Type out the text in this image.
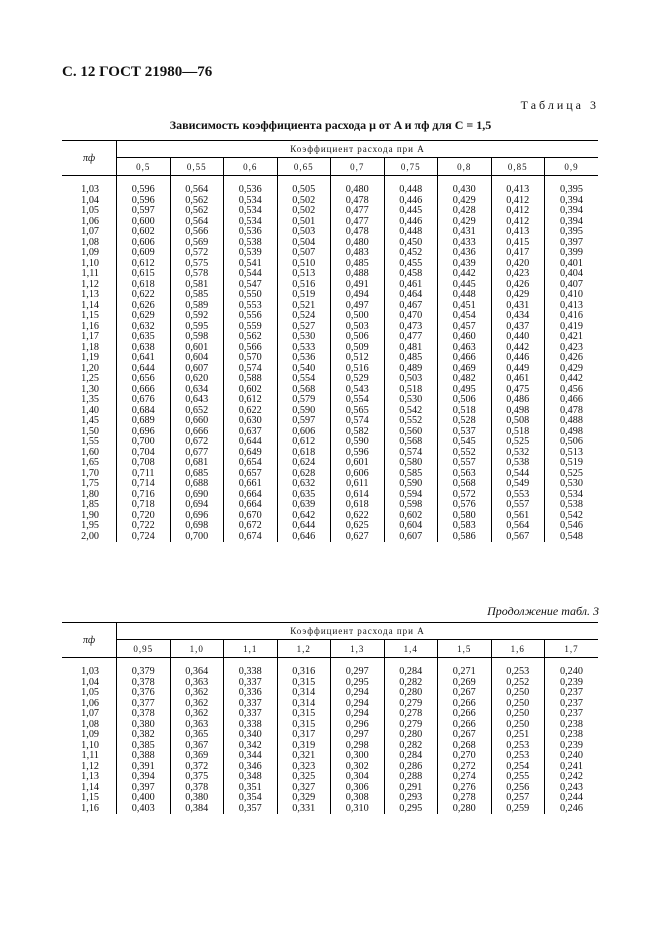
С. 12 ГОСТ 21980—76
Таблица 3
Зависимость коэффициента расхода μ от A и πф для C = 1,5
πф	Коэффициент расхода при A								
	0,5	0,55	0,6	0,65	0,7	0,75	0,8	0,85	0,9
1,03	0,596	0,564	0,536	0,505	0,480	0,448	0,430	0,413	0,395
1,04	0,596	0,562	0,534	0,502	0,478	0,446	0,429	0,412	0,394
1,05	0,597	0,562	0,534	0,502	0,477	0,445	0,428	0,412	0,394
1,06	0,600	0,564	0,534	0,501	0,477	0,446	0,429	0,412	0,394
1,07	0,602	0,566	0,536	0,503	0,478	0,448	0,431	0,413	0,395
1,08	0,606	0,569	0,538	0,504	0,480	0,450	0,433	0,415	0,397
1,09	0,609	0,572	0,539	0,507	0,483	0,452	0,436	0,417	0,399
1,10	0,612	0,575	0,541	0,510	0,485	0,455	0,439	0,420	0,401
1,11	0,615	0,578	0,544	0,513	0,488	0,458	0,442	0,423	0,404
1,12	0,618	0,581	0,547	0,516	0,491	0,461	0,445	0,426	0,407
1,13	0,622	0,585	0,550	0,519	0,494	0,464	0,448	0,429	0,410
1,14	0,626	0,589	0,553	0,521	0,497	0,467	0,451	0,431	0,413
1,15	0,629	0,592	0,556	0,524	0,500	0,470	0,454	0,434	0,416
1,16	0,632	0,595	0,559	0,527	0,503	0,473	0,457	0,437	0,419
1,17	0,635	0,598	0,562	0,530	0,506	0,477	0,460	0,440	0,421
1,18	0,638	0,601	0,566	0,533	0,509	0,481	0,463	0,442	0,423
1,19	0,641	0,604	0,570	0,536	0,512	0,485	0,466	0,446	0,426
1,20	0,644	0,607	0,574	0,540	0,516	0,489	0,469	0,449	0,429
1,25	0,656	0,620	0,588	0,554	0,529	0,503	0,482	0,461	0,442
1,30	0,666	0,634	0,602	0,568	0,543	0,518	0,495	0,475	0,456
1,35	0,676	0,643	0,612	0,579	0,554	0,530	0,506	0,486	0,466
1,40	0,684	0,652	0,622	0,590	0,565	0,542	0,518	0,498	0,478
1,45	0,689	0,660	0,630	0,597	0,574	0,552	0,528	0,508	0,488
1,50	0,696	0,666	0,637	0,606	0,582	0,560	0,537	0,518	0,498
1,55	0,700	0,672	0,644	0,612	0,590	0,568	0,545	0,525	0,506
1,60	0,704	0,677	0,649	0,618	0,596	0,574	0,552	0,532	0,513
1,65	0,708	0,681	0,654	0,624	0,601	0,580	0,557	0,538	0,519
1,70	0,711	0,685	0,657	0,628	0,606	0,585	0,563	0,544	0,525
1,75	0,714	0,688	0,661	0,632	0,611	0,590	0,568	0,549	0,530
1,80	0,716	0,690	0,664	0,635	0,614	0,594	0,572	0,553	0,534
1,85	0,718	0,694	0,664	0,639	0,618	0,598	0,576	0,557	0,538
1,90	0,720	0,696	0,670	0,642	0,622	0,602	0,580	0,561	0,542
1,95	0,722	0,698	0,672	0,644	0,625	0,604	0,583	0,564	0,546
2,00	0,724	0,700	0,674	0,646	0,627	0,607	0,586	0,567	0,548
Продолжение табл. 3
πф	Коэффициент расхода при A								
	0,95	1,0	1,1	1,2	1,3	1,4	1,5	1,6	1,7
1,03	0,379	0,364	0,338	0,316	0,297	0,284	0,271	0,253	0,240
1,04	0,378	0,363	0,337	0,315	0,295	0,282	0,269	0,252	0,239
1,05	0,376	0,362	0,336	0,314	0,294	0,280	0,267	0,250	0,237
1,06	0,377	0,362	0,337	0,314	0,294	0,279	0,266	0,250	0,237
1,07	0,378	0,362	0,337	0,315	0,294	0,278	0,266	0,250	0,237
1,08	0,380	0,363	0,338	0,315	0,296	0,279	0,266	0,250	0,238
1,09	0,382	0,365	0,340	0,317	0,297	0,280	0,267	0,251	0,238
1,10	0,385	0,367	0,342	0,319	0,298	0,282	0,268	0,253	0,239
1,11	0,388	0,369	0,344	0,321	0,300	0,284	0,270	0,253	0,240
1,12	0,391	0,372	0,346	0,323	0,302	0,286	0,272	0,254	0,241
1,13	0,394	0,375	0,348	0,325	0,304	0,288	0,274	0,255	0,242
1,14	0,397	0,378	0,351	0,327	0,306	0,291	0,276	0,256	0,243
1,15	0,400	0,380	0,354	0,329	0,308	0,293	0,278	0,257	0,244
1,16	0,403	0,384	0,357	0,331	0,310	0,295	0,280	0,259	0,246
